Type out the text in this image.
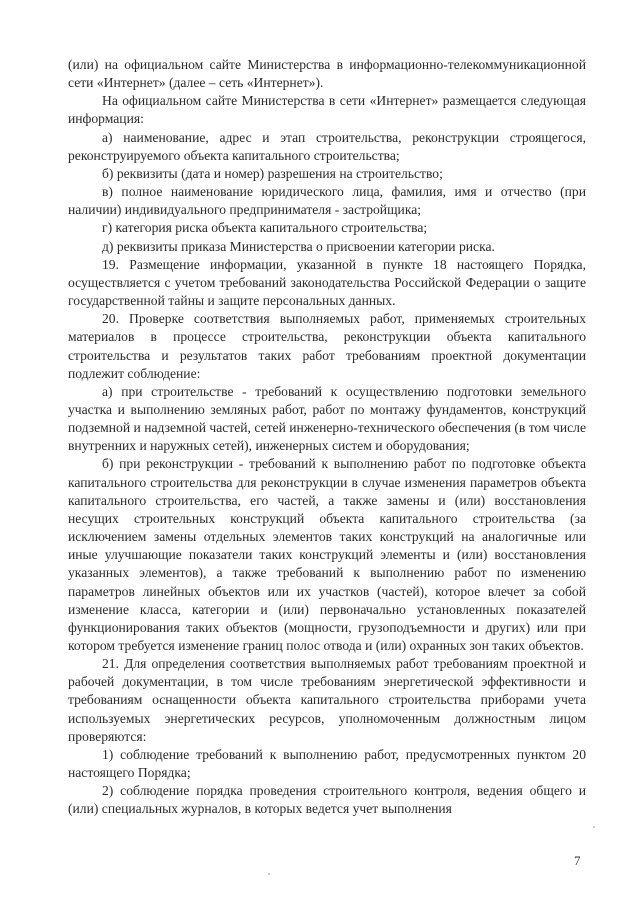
(или) на официальном сайте Министерства в информационно-телекоммуникационной сети «Интернет» (далее – сеть «Интернет»).

На официальном сайте Министерства в сети «Интернет» размещается следующая информация:

а) наименование, адрес и этап строительства, реконструкции строящегося, реконструируемого объекта капитального строительства;

б) реквизиты (дата и номер) разрешения на строительство;

в) полное наименование юридического лица, фамилия, имя и отчество (при наличии) индивидуального предпринимателя - застройщика;

г) категория риска объекта капитального строительства;

д) реквизиты приказа Министерства о присвоении категории риска.

19. Размещение информации, указанной в пункте 18 настоящего Порядка, осуществляется с учетом требований законодательства Российской Федерации о защите государственной тайны и защите персональных данных.

20. Проверке соответствия выполняемых работ, применяемых строительных материалов в процессе строительства, реконструкции объекта капитального строительства и результатов таких работ требованиям проектной документации подлежит соблюдение:

а) при строительстве - требований к осуществлению подготовки земельного участка и выполнению земляных работ, работ по монтажу фундаментов, конструкций подземной и надземной частей, сетей инженерно-технического обеспечения (в том числе внутренних и наружных сетей), инженерных систем и оборудования;

б) при реконструкции - требований к выполнению работ по подготовке объекта капитального строительства для реконструкции в случае изменения параметров объекта капитального строительства, его частей, а также замены и (или) восстановления несущих строительных конструкций объекта капитального строительства (за исключением замены отдельных элементов таких конструкций на аналогичные или иные улучшающие показатели таких конструкций элементы и (или) восстановления указанных элементов), а также требований к выполнению работ по изменению параметров линейных объектов или их участков (частей), которое влечет за собой изменение класса, категории и (или) первоначально установленных показателей функционирования таких объектов (мощности, грузоподъемности и других) или при котором требуется изменение границ полос отвода и (или) охранных зон таких объектов.

21. Для определения соответствия выполняемых работ требованиям проектной и рабочей документации, в том числе требованиям энергетической эффективности и требованиям оснащенности объекта капитального строительства приборами учета используемых энергетических ресурсов, уполномоченным должностным лицом проверяются:

1) соблюдение требований к выполнению работ, предусмотренных пунктом 20 настоящего Порядка;

2) соблюдение порядка проведения строительного контроля, ведения общего и (или) специальных журналов, в которых ведется учет выполнения

7
